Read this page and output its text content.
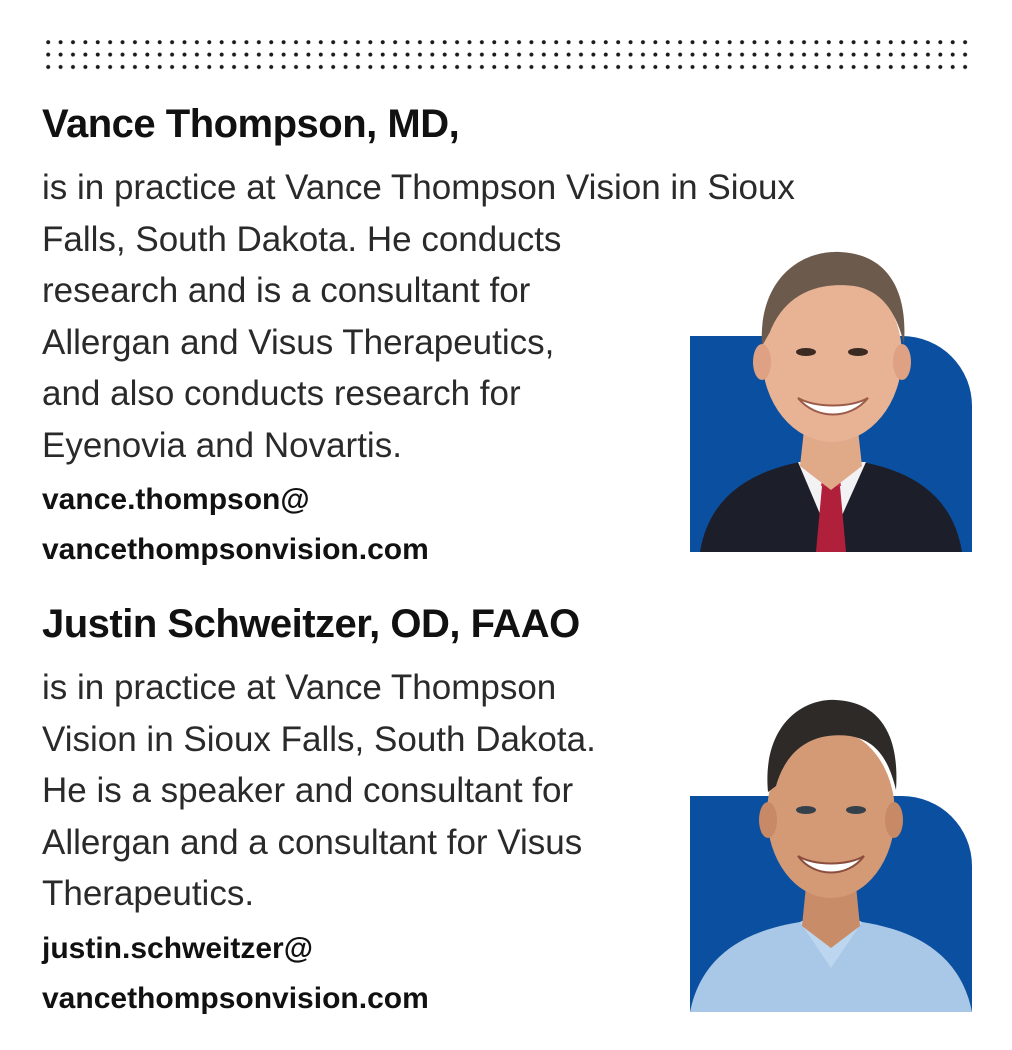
Vance Thompson, MD,

is in practice at Vance Thompson Vision in Sioux
Falls, South Dakota. He conducts
research and is a consultant for
Allergan and Visus Therapeutics,
and also conducts research for
Eyenovia and Novartis.

vance.thompson@
vancethompsonvision.com

Justin Schweitzer, OD, FAAO

is in practice at Vance Thompson
Vision in Sioux Falls, South Dakota.
He is a speaker and consultant for
Allergan and a consultant for Visus
Therapeutics.

justin.schweitzer@
vancethompsonvision.com
